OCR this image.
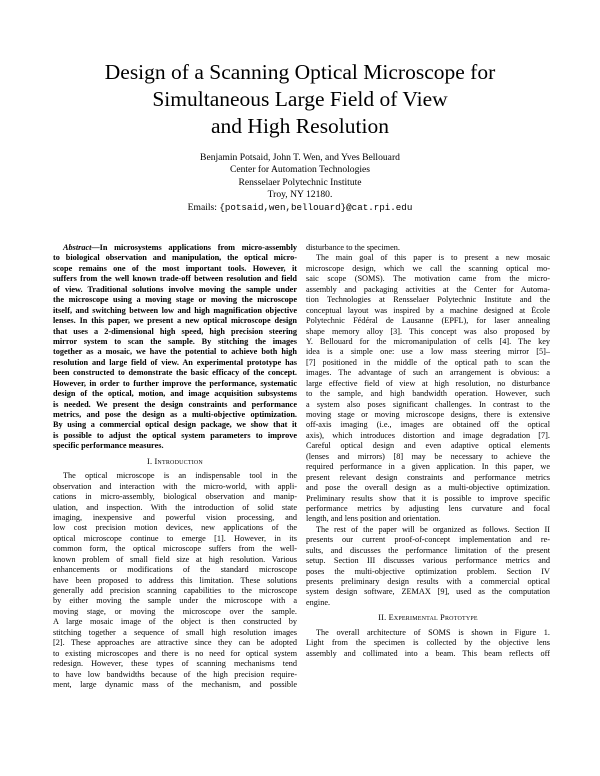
Design of a Scanning Optical Microscope for
Simultaneous Large Field of View
and High Resolution
Benjamin Potsaid, John T. Wen, and Yves Bellouard
Center for Automation Technologies
Rensselaer Polytechnic Institute
Troy, NY 12180.
Emails: {potsaid,wen,bellouard}@cat.rpi.edu
Abstract—In microsystems applications from micro-assembly
to biological observation and manipulation, the optical micro-
scope remains one of the most important tools. However, it
suffers from the well known trade-off between resolution and field
of view. Traditional solutions involve moving the sample under
the microscope using a moving stage or moving the microscope
itself, and switching between low and high magnification objective
lenses. In this paper, we present a new optical microscope design
that uses a 2-dimensional high speed, high precision steering
mirror system to scan the sample. By stitching the images
together as a mosaic, we have the potential to achieve both high
resolution and large field of view. An experimental prototype has
been constructed to demonstrate the basic efficacy of the concept.
However, in order to further improve the performance, systematic
design of the optical, motion, and image acquisition subsystems
is needed. We present the design constraints and performance
metrics, and pose the design as a multi-objective optimization.
By using a commercial optical design package, we show that it
is possible to adjust the optical system parameters to improve
specific performance measures.
I. Introduction
The optical microscope is an indispensable tool in the
observation and interaction with the micro-world, with appli-
cations in micro-assembly, biological observation and manip-
ulation, and inspection. With the introduction of solid state
imaging, inexpensive and powerful vision processing, and
low cost precision motion devices, new applications of the
optical microscope continue to emerge [1]. However, in its
common form, the optical microscope suffers from the well-
known problem of small field size at high resolution. Various
enhancements or modifications of the standard microscope
have been proposed to address this limitation. These solutions
generally add precision scanning capabilities to the microscope
by either moving the sample under the microscope with a
moving stage, or moving the microscope over the sample.
A large mosaic image of the object is then constructed by
stitching together a sequence of small high resolution images
[2]. These approaches are attractive since they can be adopted
to existing microscopes and there is no need for optical system
redesign. However, these types of scanning mechanisms tend
to have low bandwidths because of the high precision require-
ment, large dynamic mass of the mechanism, and possible
disturbance to the specimen.
The main goal of this paper is to present a new mosaic
microscope design, which we call the scanning optical mo-
saic scope (SOMS). The motivation came from the micro-
assembly and packaging activities at the Center for Automa-
tion Technologies at Rensselaer Polytechnic Institute and the
conceptual layout was inspired by a machine designed at École
Polytechnic Fédéral de Lausanne (EPFL), for laser annealing
shape memory alloy [3]. This concept was also proposed by
Y. Bellouard for the micromanipulation of cells [4]. The key
idea is a simple one: use a low mass steering mirror [5]–
[7] positioned in the middle of the optical path to scan the
images. The advantage of such an arrangement is obvious: a
large effective field of view at high resolution, no disturbance
to the sample, and high bandwidth operation. However, such
a system also poses significant challenges. In contrast to the
moving stage or moving microscope designs, there is extensive
off-axis imaging (i.e., images are obtained off the optical
axis), which introduces distortion and image degradation [7].
Careful optical design and even adaptive optical elements
(lenses and mirrors) [8] may be necessary to achieve the
required performance in a given application. In this paper, we
present relevant design constraints and performance metrics
and pose the overall design as a multi-objective optimization.
Preliminary results show that it is possible to improve specific
performance metrics by adjusting lens curvature and focal
length, and lens position and orientation.
The rest of the paper will be organized as follows. Section II
presents our current proof-of-concept implementation and re-
sults, and discusses the performance limitation of the present
setup. Section III discusses various performance metrics and
poses the multi-objective optimization problem. Section IV
presents preliminary design results with a commercial optical
system design software, ZEMAX [9], used as the computation
engine.
II. Experimental Prototype
The overall architecture of SOMS is shown in Figure 1.
Light from the specimen is collected by the objective lens
assembly and collimated into a beam. This beam reflects off
